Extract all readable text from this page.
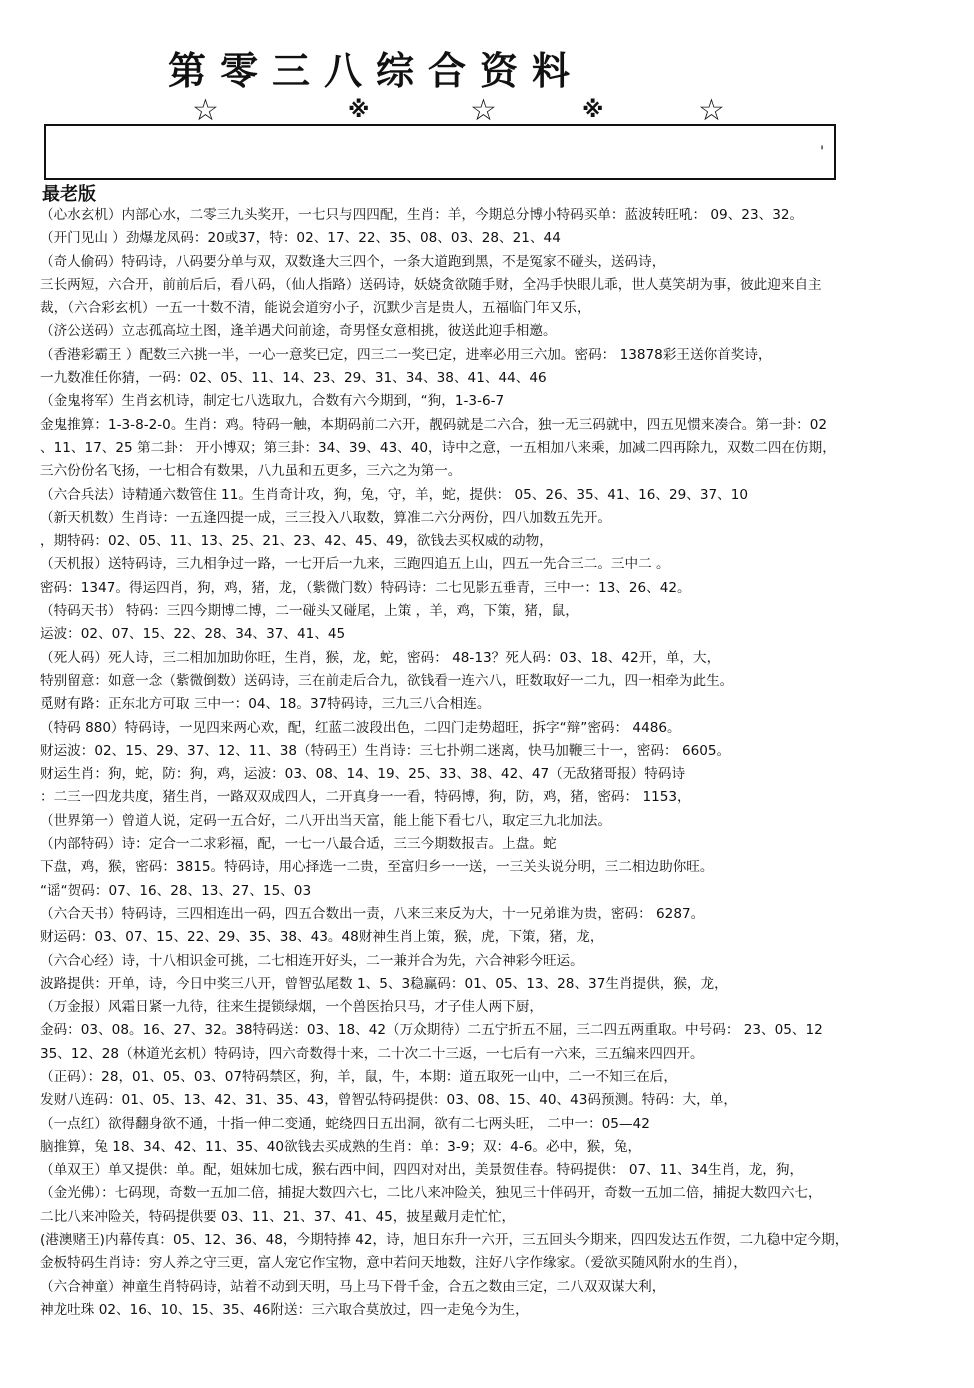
第零三八综合资料
☆	※	☆	※	☆
'
最老版
（心水玄机）内部心水，二零三九头奖开，一七只与四四配，生肖：羊，今期总分博小特码买单：蓝波转旺吼： 09、23、32。
（开门见山 ）劲爆龙凤码：20或37，特：02、17、22、35、08、03、28、21、44
（奇人偷码）特码诗，八码要分单与双，双数逢大三四个，一条大道跑到黑，不是冤家不碰头，送码诗，
三长两短，六合开，前前后后，看八码，（仙人指路）送码诗，妖娆贪欲随手财，全冯手快眼儿乖，世人莫笑胡为事，彼此迎来自主
裁，（六合彩玄机）一五一十数不清，能说会道穷小子，沉默少言是贵人，五福临门年又乐，
（济公送码）立志孤高垃土图，逢羊遇犬问前途，奇男怪女意相挑，彼送此迎手相邀。
（香港彩霸王 ）配数三六挑一半，一心一意奖已定，四三二一奖已定，进率必用三六加。密码： 13878彩王送你首奖诗，
一九数准任你猜，一码：02、05、11、14、23、29、31、34、38、41、44、46
（金鬼将军）生肖玄机诗，制定七八选取九，合数有六今期到，“狗，1-3-6-7
金鬼推算：1-3-8-2-0。生肖：鸡。特码一触，本期码前二六开，靓码就是二六合，独一无三码就中，四五见惯来凑合。第一卦：02
、11、17、25 第二卦： 开小博双；第三卦：34、39、43、40，诗中之意，一五相加八来乘，加减二四再除九，双数二四在仿期，
三六份份名飞扬，一七相合有数果，八九虽和五更多，三六之为第一。
（六合兵法）诗精通六数管住 11。生肖奇计攻，狗，兔，守，羊，蛇，提供： 05、26、35、41、16、29、37、10
（新天机数）生肖诗：一五逢四提一成，三三投入八取数，算准二六分两份，四八加数五先开。
，期特码：02、05、11、13、25、21、23、42、45、49，欲钱去买权威的动物，
（天机报）送特码诗，三九相争过一路，一七开后一九来，三跑四追五上山，四五一先合三二。三中二 。
密码：1347。得运四肖，狗，鸡，猪，龙，（紫微门数）特码诗：二七见影五垂青，三中一：13、26、42。
（特码天书） 特码：三四今期博二博，二一碰头又碰尾，上策 ，羊，鸡，下策，猪，鼠，
运波：02、07、15、22、28、34、37、41、45
（死人码）死人诗，三二相加加助你旺，生肖，猴，龙，蛇，密码： 48-13？死人码：03、18、42开，单，大，
特别留意：如意一念（紫微倒数）送码诗，三在前走后合九，欲钱看一连六八，旺数取好一二九，四一相牵为此生。
觅财有路：正东北方可取 三中一：04、18。37特码诗，三九三八合相连。
（特码 880）特码诗，一见四来两心欢，配，红蓝二波段出色，二四门走势超旺，拆字“辩”密码： 4486。
财运波：02、15、29、37、12、11、38（特码王）生肖诗：三七扑朔二迷离，快马加鞭三十一，密码： 6605。
财运生肖：狗，蛇，防：狗，鸡，运波：03、08、14、19、25、33、38、42、47（无敌猪哥报）特码诗
：二三一四龙共度，猪生肖，一路双双成四人，二开真身一一看，特码博，狗，防，鸡，猪，密码： 1153，
（世界第一）曾道人说，定码一五合好，二八开出当天富，能上能下看七八，取定三九北加法。
（内部特码）诗：定合一二求彩福，配，一七一八最合适，三三今期数报吉。上盘。蛇
下盘，鸡，猴，密码：3815。特码诗，用心择选一二贵，至富归乡一一送，一三关头说分明，三二相边助你旺。
“谣“贺码：07、16、28、13、27、15、03
（六合天书）特码诗，三四相连出一码，四五合数出一责，八来三来反为大，十一兄弟谁为贵，密码： 6287。
财运码：03、07、15、22、29、35、38、43。48财神生肖上策，猴，虎，下策，猪，龙，
（六合心经）诗，十八相识金可挑，二七相连开好头，二一兼并合为先，六合神彩今旺运。
波路提供：开单，诗，今日中奖三八开，曾智弘尾数 1、5、3稳赢码：01、05、13、28、37生肖提供，猴，龙，
（万金报）风霜日紧一九待，往来生提锁绿烟，一个兽医抬只马，才子佳人两下厨，
金码：03、08。16、27、32。38特码送：03、18、42（万众期待）二五宁折五不屈，三二四五两重取。中号码： 23、05、12
35、12、28（林道光玄机）特码诗，四六奇数得十来，二十次二十三返，一七后有一六来，三五编来四四开。
（正码）：28，01、05、03、07特码禁区，狗，羊，鼠，牛，本期：道五取死一山中，二一不知三在后，
发财八连码：01、05、13、42、31、35、43，曾智弘特码提供：03、08、15、40、43码预测。特码：大，单，
（一点红）欲得翻身欲不通，十指一伸二变通，蛇绕四日五出洞，欲有二七两头旺， 二中一：05—42
脑推算，兔 18、34、42、11、35、40欲钱去买成熟的生肖：单：3-9；双：4-6。必中，猴，兔，
（单双王）单又提供：单。配，姐妹加七成，猴右西中间，四四对对出，美景贺佳春。特码提供： 07、11、34生肖，龙，狗，
（金光佛）：七码现，奇数一五加二倍，捕捉大数四六七，二比八来冲险关，独见三十伴码开，奇数一五加二倍，捕捉大数四六七，
二比八来冲险关，特码提供要 03、11、21、37、41、45，披星戴月走忙忙，
(港澳赌王)内幕传真：05、12、36、48，今期特捧 42，诗，旭日东升一六开，三五回头今期来，四四发达五作贺，二九稳中定今期，
金板特码生肖诗：穷人养之守三更，富人宠它作宝物，意中若问天地数，注好八字作缘家。（爱欲买随风附水的生肖），
（六合神童）神童生肖特码诗，站着不动到天明，马上马下骨千金，合五之数由三定，二八双双谋大利，
神龙吐珠 02、16、10、15、35、46附送：三六取合莫放过，四一走兔今为生，
